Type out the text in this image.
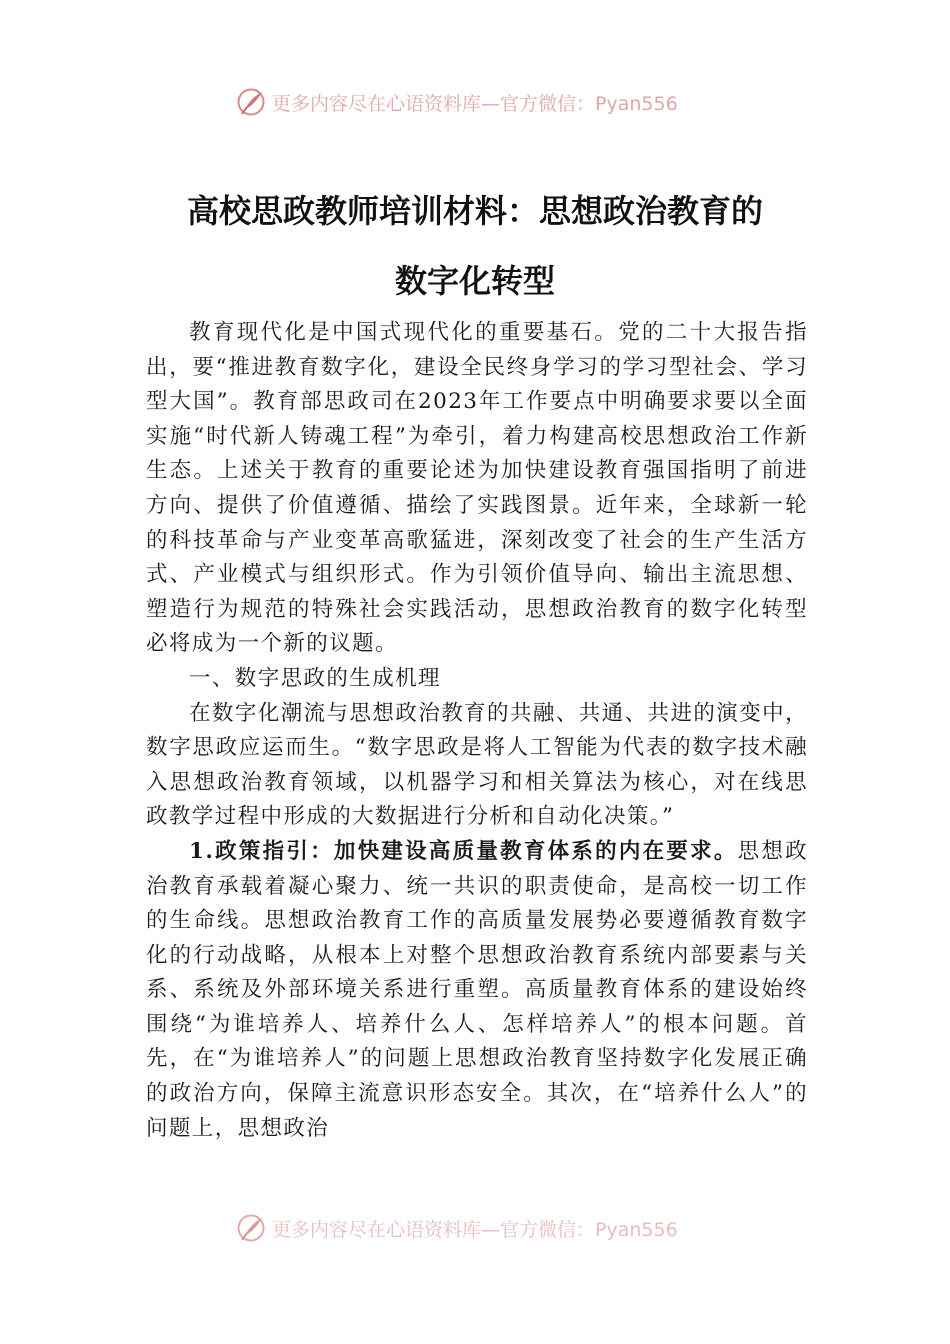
更多内容尽在心语资料库—官方微信：Pyan556
高校思政教师培训材料：思想政治教育的
数字化转型

教育现代化是中国式现代化的重要基石。党的二十大报告指出，要“推进教育数字化，建设全民终身学习的学习型社会、学习型大国”。教育部思政司在2023年工作要点中明确要求要以全面实施“时代新人铸魂工程”为牵引，着力构建高校思想政治工作新生态。上述关于教育的重要论述为加快建设教育强国指明了前进方向、提供了价值遵循、描绘了实践图景。近年来，全球新一轮的科技革命与产业变革高歌猛进，深刻改变了社会的生产生活方式、产业模式与组织形式。作为引领价值导向、输出主流思想、塑造行为规范的特殊社会实践活动，思想政治教育的数字化转型必将成为一个新的议题。

一、数字思政的生成机理

在数字化潮流与思想政治教育的共融、共通、共进的演变中，数字思政应运而生。“数字思政是将人工智能为代表的数字技术融入思想政治教育领域，以机器学习和相关算法为核心，对在线思政教学过程中形成的大数据进行分析和自动化决策。”

1.政策指引：加快建设高质量教育体系的内在要求。思想政治教育承载着凝心聚力、统一共识的职责使命，是高校一切工作的生命线。思想政治教育工作的高质量发展势必要遵循教育数字化的行动战略，从根本上对整个思想政治教育系统内部要素与关系、系统及外部环境关系进行重塑。高质量教育体系的建设始终围绕“为谁培养人、培养什么人、怎样培养人”的根本问题。首先，在“为谁培养人”的问题上思想政治教育坚持数字化发展正确的政治方向，保障主流意识形态安全。其次，在“培养什么人”的问题上，思想政治

更多内容尽在心语资料库—官方微信：Pyan556
